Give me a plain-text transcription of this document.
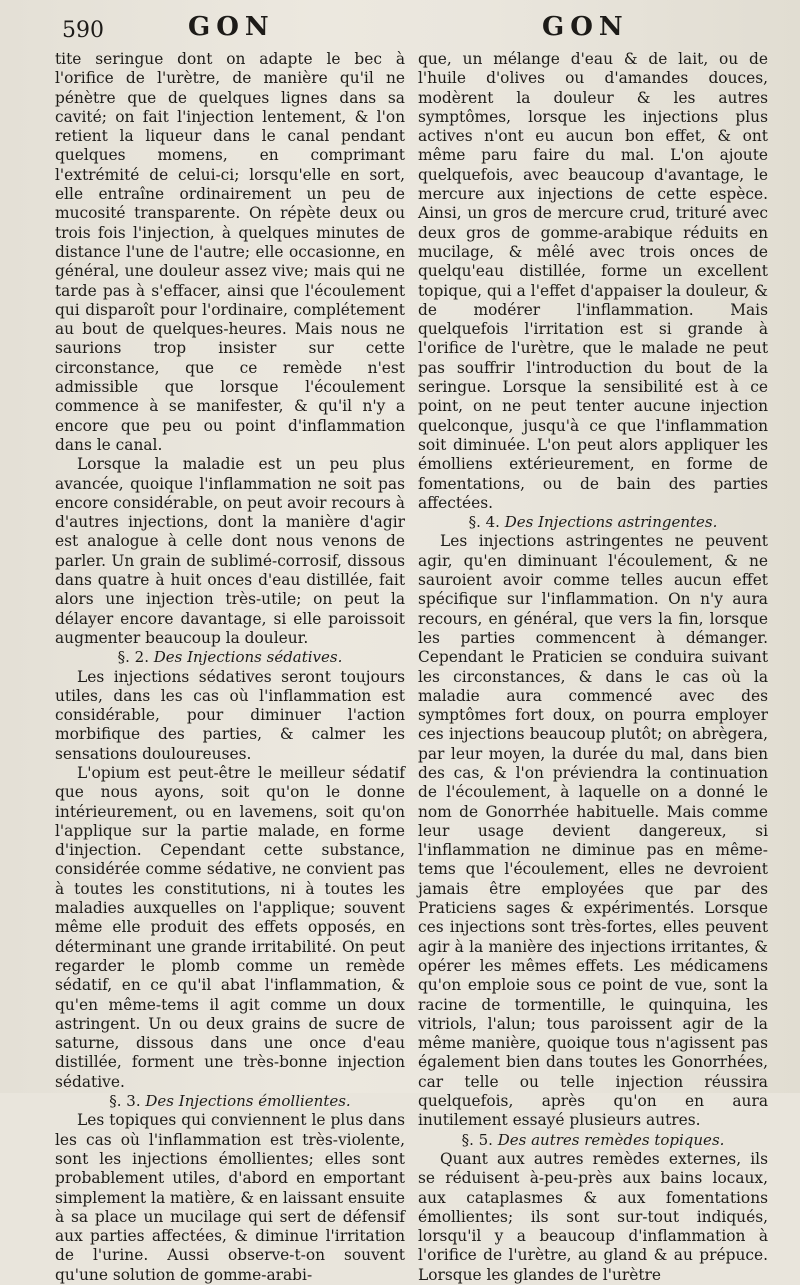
590	GON	GON

tite seringue dont on adapte le bec à l'orifice de l'urètre, de manière qu'il ne pénètre que de quelques lignes dans sa cavité; on fait l'injection lentement, & l'on retient la liqueur dans le canal pendant quelques momens, en comprimant l'extrémité de celui-ci; lorsqu'elle en sort, elle entraîne ordinairement un peu de mucosité transparente. On répète deux ou trois fois l'injection, à quelques minutes de distance l'une de l'autre; elle occasionne, en général, une douleur assez vive; mais qui ne tarde pas à s'effacer, ainsi que l'écoulement qui disparoît pour l'ordinaire, complétement au bout de quelques-heures. Mais nous ne saurions trop insister sur cette circonstance, que ce remède n'est admissible que lorsque l'écoulement commence à se manifester, & qu'il n'y a encore que peu ou point d'inflammation dans le canal.

Lorsque la maladie est un peu plus avancée, quoique l'inflammation ne soit pas encore considérable, on peut avoir recours à d'autres injections, dont la manière d'agir est analogue à celle dont nous venons de parler. Un grain de sublimé-corrosif, dissous dans quatre à huit onces d'eau distillée, fait alors une injection très-utile; on peut la délayer encore davantage, si elle paroissoit augmenter beaucoup la douleur.

§. 2. Des Injections sédatives.

Les injections sédatives seront toujours utiles, dans les cas où l'inflammation est considérable, pour diminuer l'action morbifique des parties, & calmer les sensations douloureuses.

L'opium est peut-être le meilleur sédatif que nous ayons, soit qu'on le donne intérieurement, ou en lavemens, soit qu'on l'applique sur la partie malade, en forme d'injection. Cependant cette substance, considérée comme sédative, ne convient pas à toutes les constitutions, ni à toutes les maladies auxquelles on l'applique; souvent même elle produit des effets opposés, en déterminant une grande irritabilité. On peut regarder le plomb comme un remède sédatif, en ce qu'il abat l'inflammation, & qu'en même-tems il agit comme un doux astringent. Un ou deux grains de sucre de saturne, dissous dans une once d'eau distillée, forment une très-bonne injection sédative.

§. 3. Des Injections émollientes.

Les topiques qui conviennent le plus dans les cas où l'inflammation est très-violente, sont les injections émollientes; elles sont probablement utiles, d'abord en emportant simplement la matière, & en laissant ensuite à sa place un mucilage qui sert de défensif aux parties affectées, & diminue l'irritation de l'urine. Aussi observe-t-on souvent qu'une solution de gomme-arabi-

que, un mélange d'eau & de lait, ou de l'huile d'olives ou d'amandes douces, modèrent la douleur & les autres symptômes, lorsque les injections plus actives n'ont eu aucun bon effet, & ont même paru faire du mal. L'on ajoute quelquefois, avec beaucoup d'avantage, le mercure aux injections de cette espèce. Ainsi, un gros de mercure crud, trituré avec deux gros de gomme-arabique réduits en mucilage, & mêlé avec trois onces de quelqu'eau distillée, forme un excellent topique, qui a l'effet d'appaiser la douleur, & de modérer l'inflammation. Mais quelquefois l'irritation est si grande à l'orifice de l'urètre, que le malade ne peut pas souffrir l'introduction du bout de la seringue. Lorsque la sensibilité est à ce point, on ne peut tenter aucune injection quelconque, jusqu'à ce que l'inflammation soit diminuée. L'on peut alors appliquer les émolliens extérieurement, en forme de fomentations, ou de bain des parties affectées.

§. 4. Des Injections astringentes.

Les injections astringentes ne peuvent agir, qu'en diminuant l'écoulement, & ne sauroient avoir comme telles aucun effet spécifique sur l'inflammation. On n'y aura recours, en général, que vers la fin, lorsque les parties commencent à démanger. Cependant le Praticien se conduira suivant les circonstances, & dans le cas où la maladie aura commencé avec des symptômes fort doux, on pourra employer ces injections beaucoup plutôt; on abrègera, par leur moyen, la durée du mal, dans bien des cas, & l'on préviendra la continuation de l'écoulement, à laquelle on a donné le nom de Gonorrhée habituelle. Mais comme leur usage devient dangereux, si l'inflammation ne diminue pas en même-tems que l'écoulement, elles ne devroient jamais être employées que par des Praticiens sages & expérimentés. Lorsque ces injections sont très-fortes, elles peuvent agir à la manière des injections irritantes, & opérer les mêmes effets. Les médicamens qu'on emploie sous ce point de vue, sont la racine de tormentille, le quinquina, les vitriols, l'alun; tous paroissent agir de la même manière, quoique tous n'agissent pas également bien dans toutes les Gonorrhées, car telle ou telle injection réussira quelquefois, après qu'on en aura inutilement essayé plusieurs autres.

§. 5. Des autres remèdes topiques.

Quant aux autres remèdes externes, ils se réduisent à-peu-près aux bains locaux, aux cataplasmes & aux fomentations émollientes; ils sont sur-tout indiqués, lorsqu'il y a beaucoup d'inflammation à l'orifice de l'urètre, au gland & au prépuce. Lorsque les glandes de l'urètre
